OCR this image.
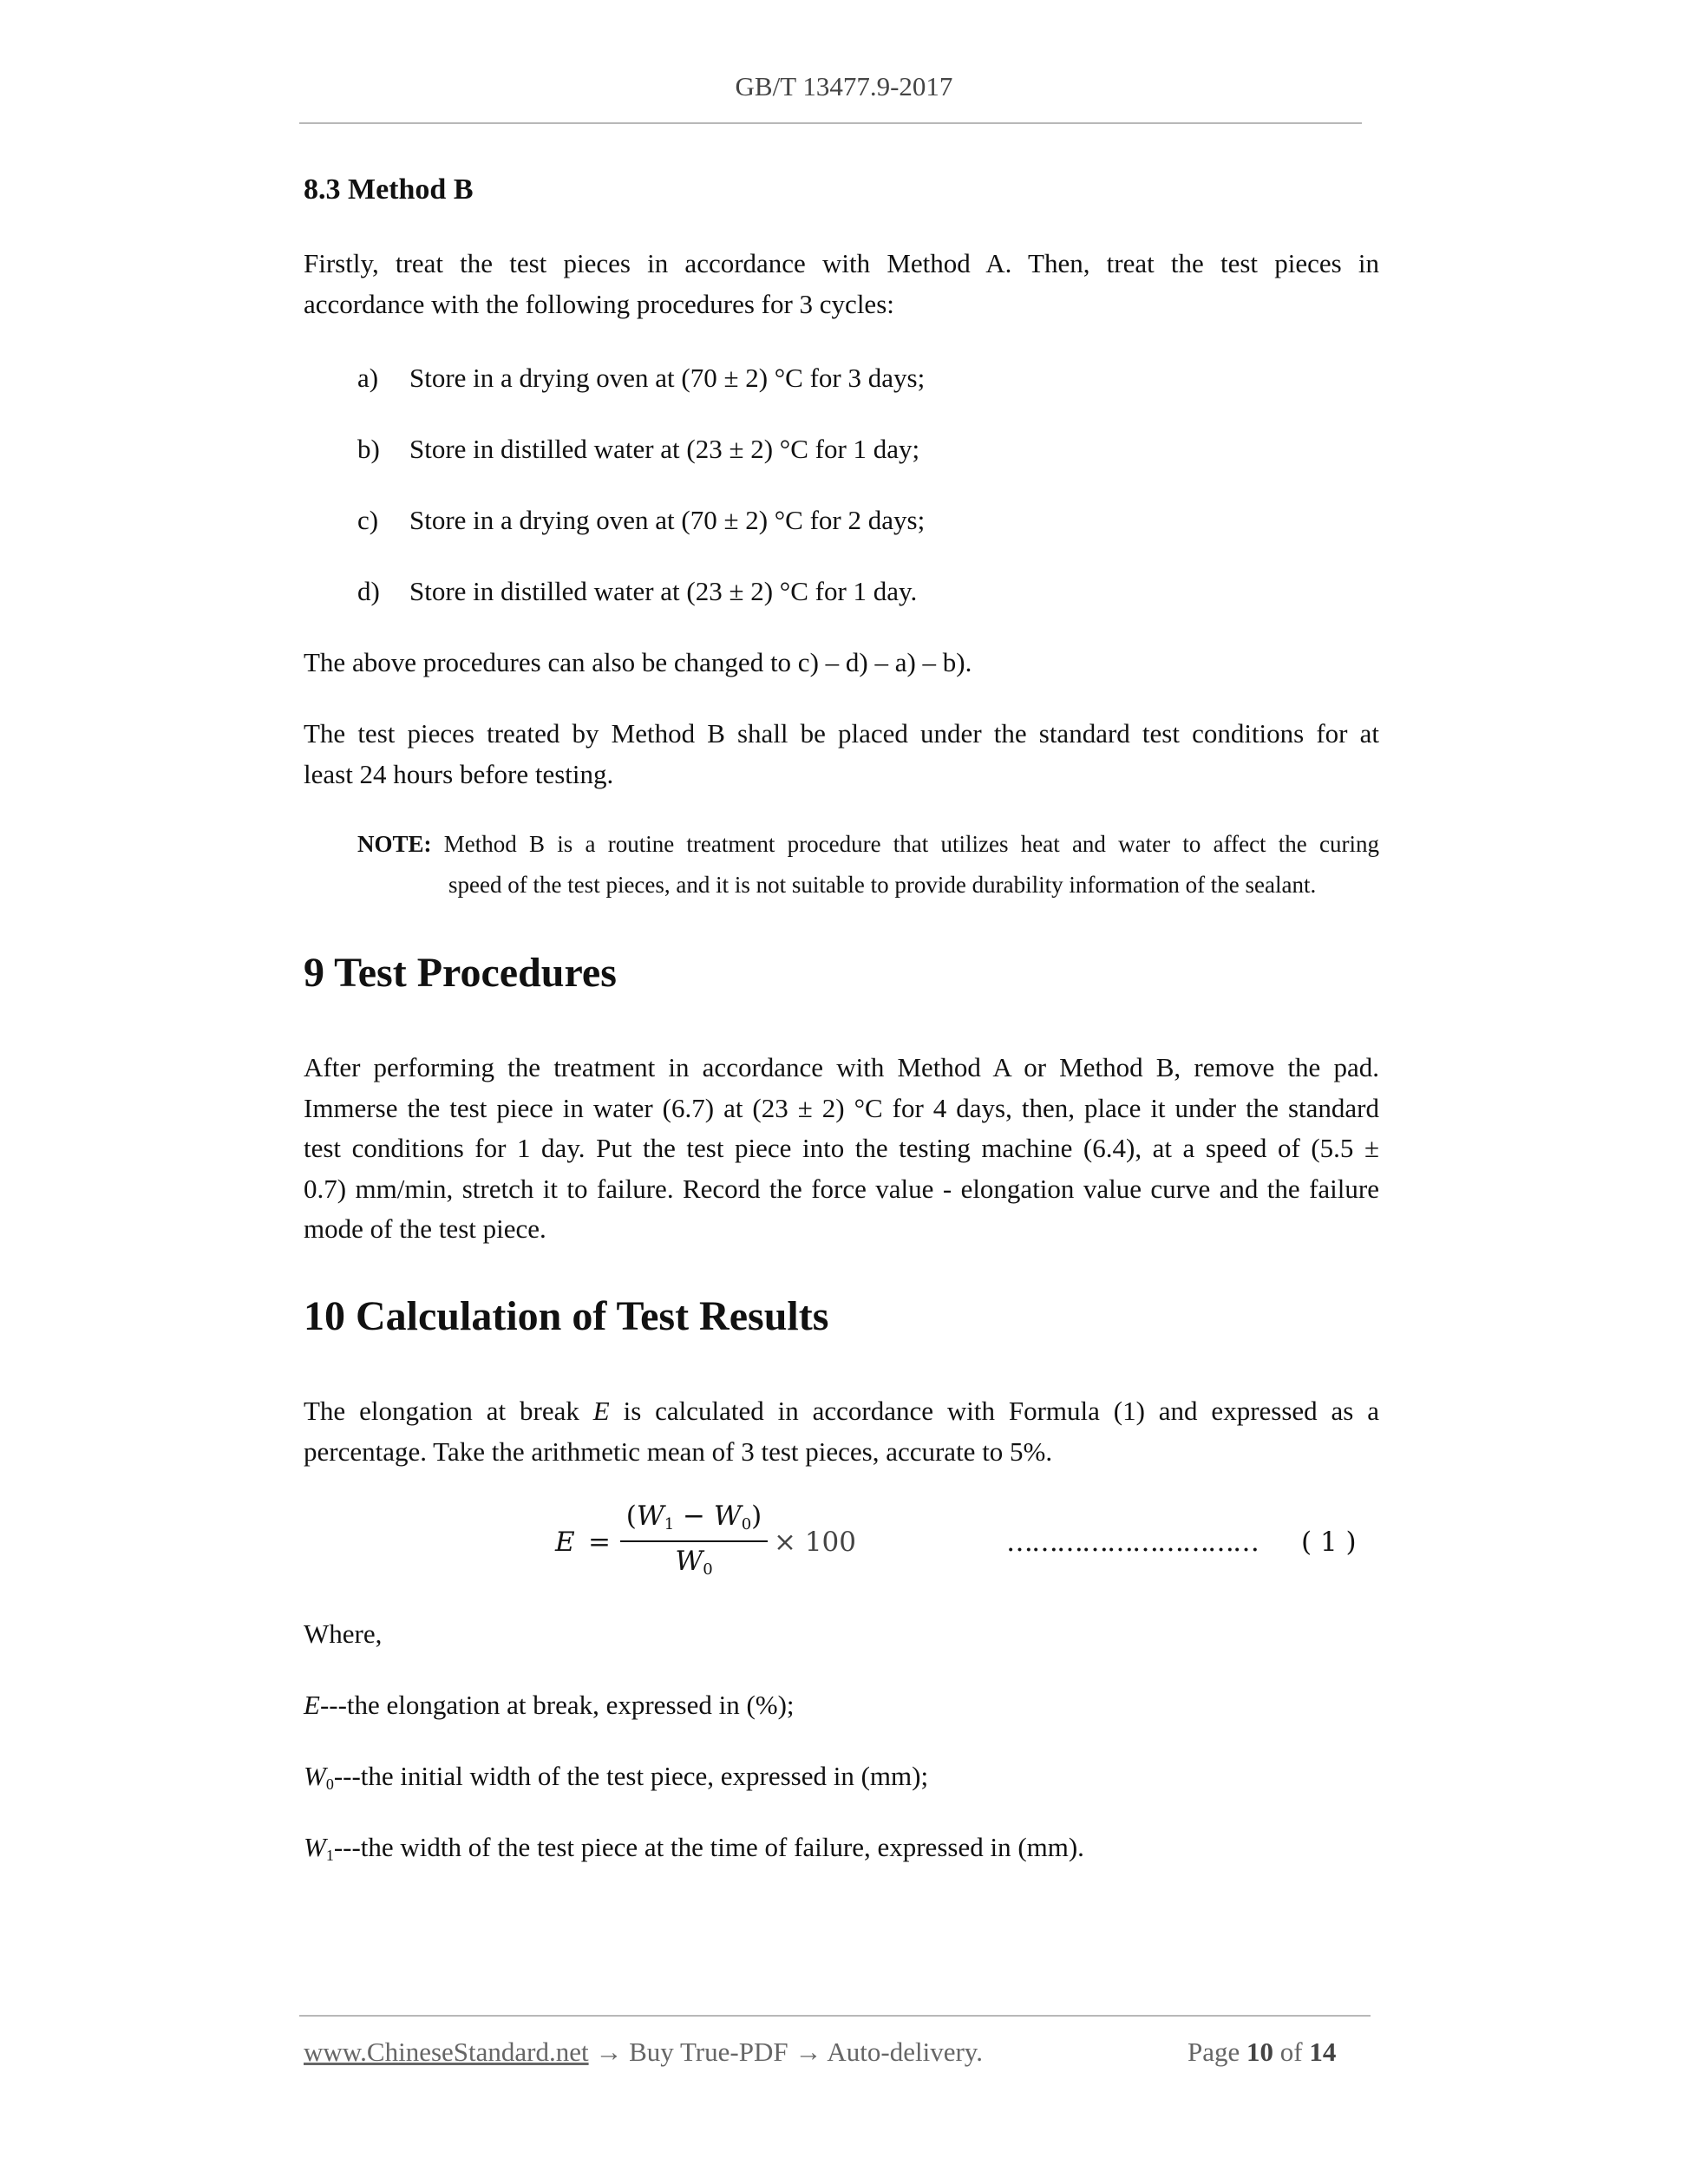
GB/T 13477.9-2017
8.3 Method B
Firstly, treat the test pieces in accordance with Method A. Then, treat the test pieces in
accordance with the following procedures for 3 cycles:
a) Store in a drying oven at (70 ± 2) °C for 3 days;
b) Store in distilled water at (23 ± 2) °C for 1 day;
c) Store in a drying oven at (70 ± 2) °C for 2 days;
d) Store in distilled water at (23 ± 2) °C for 1 day.
The above procedures can also be changed to c) – d) – a) – b).
The test pieces treated by Method B shall be placed under the standard test conditions for at
least 24 hours before testing.
NOTE: Method B is a routine treatment procedure that utilizes heat and water to affect the curing
speed of the test pieces, and it is not suitable to provide durability information of the sealant.
9 Test Procedures
After performing the treatment in accordance with Method A or Method B, remove the pad.
Immerse the test piece in water (6.7) at (23 ± 2) °C for 4 days, then, place it under the standard
test conditions for 1 day. Put the test piece into the testing machine (6.4), at a speed of (5.5 ±
0.7) mm/min, stretch it to failure. Record the force value - elongation value curve and the failure
mode of the test piece.
10 Calculation of Test Results
The elongation at break E is calculated in accordance with Formula (1) and expressed as a
percentage. Take the arithmetic mean of 3 test pieces, accurate to 5%.
E =
(W1 − W0)
W0
× 100	………………………… ( 1 )
Where,
E---the elongation at break, expressed in (%);
W0---the initial width of the test piece, expressed in (mm);
W1---the width of the test piece at the time of failure, expressed in (mm).
www.ChineseStandard.net → Buy True-PDF → Auto-delivery.	Page 10 of 14
